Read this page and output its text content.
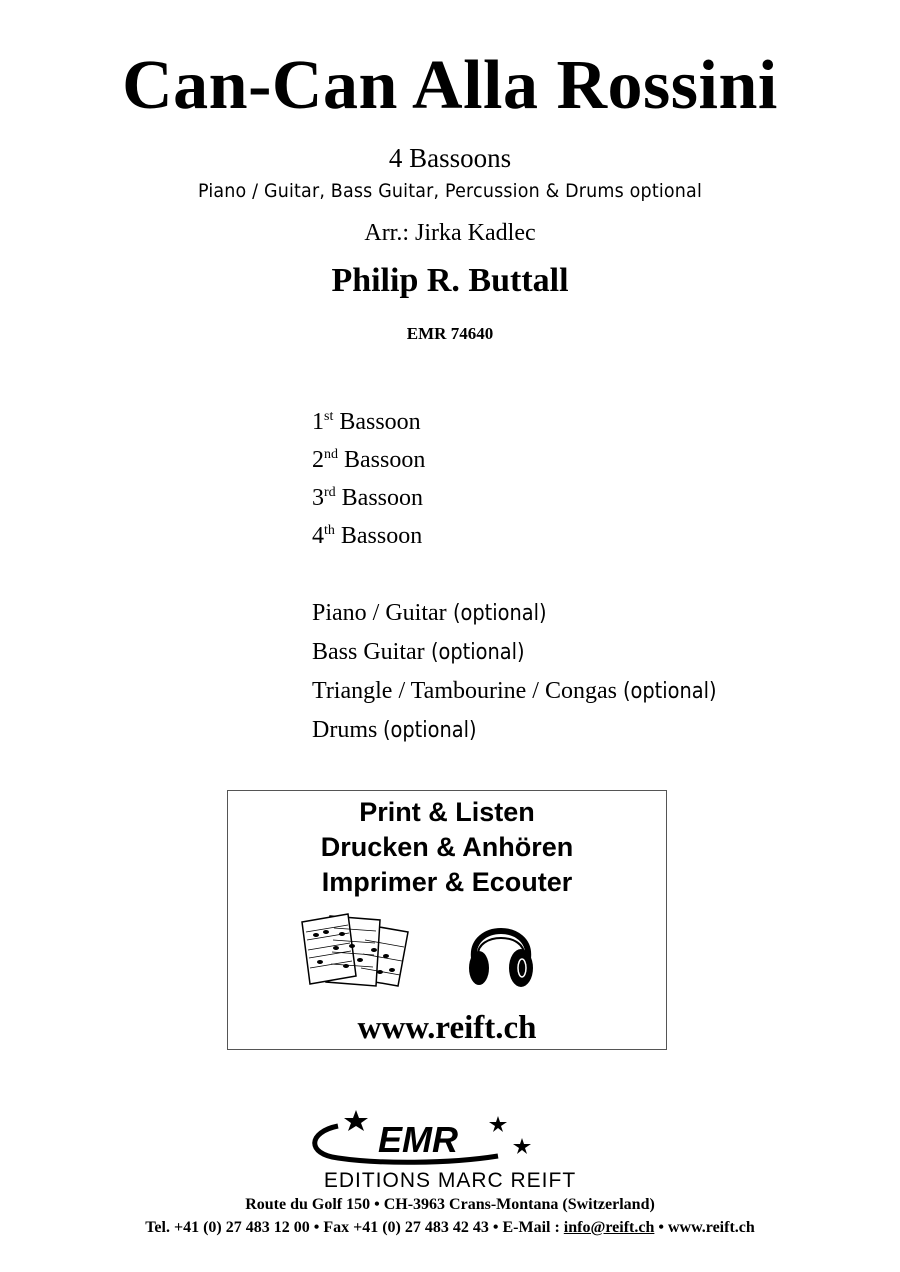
Can-Can Alla Rossini
4 Bassoons
Piano / Guitar, Bass Guitar, Percussion & Drums optional
Arr.: Jirka Kadlec
Philip R. Buttall
EMR 74640
1st Bassoon
2nd Bassoon
3rd Bassoon
4th Bassoon
Piano / Guitar (optional)
Bass Guitar (optional)
Triangle / Tambourine / Congas (optional)
Drums (optional)
Print & Listen
Drucken & Anhören
Imprimer & Ecouter
www.reift.ch
EMR
EDITIONS MARC REIFT
Route du Golf 150 • CH-3963 Crans-Montana (Switzerland)
Tel. +41 (0) 27 483 12 00 • Fax +41 (0) 27 483 42 43 • E-Mail : info@reift.ch • www.reift.ch
